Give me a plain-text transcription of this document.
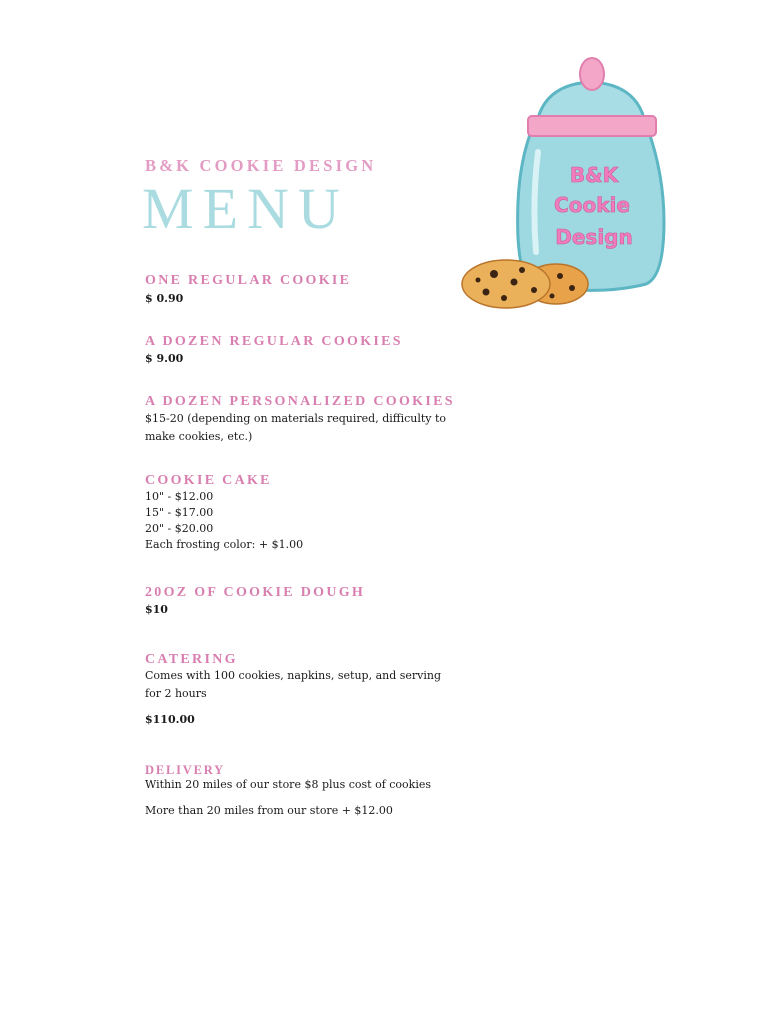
B&K COOKIE DESIGN
MENU
B&K
Cookie
Design
ONE REGULAR COOKIE
$ 0.90
A DOZEN REGULAR COOKIES
$ 9.00
A DOZEN PERSONALIZED COOKIES
$15-20 (depending on materials required, difficulty to
make cookies, etc.)
COOKIE CAKE
10" - $12.00
15" - $17.00
20" - $20.00
Each frosting color: + $1.00
20OZ OF COOKIE DOUGH
$10
CATERING
Comes with 100 cookies, napkins, setup, and serving
for 2 hours
$110.00
DELIVERY
Within 20 miles of our store $8 plus cost of cookies
More than 20 miles from our store + $12.00
